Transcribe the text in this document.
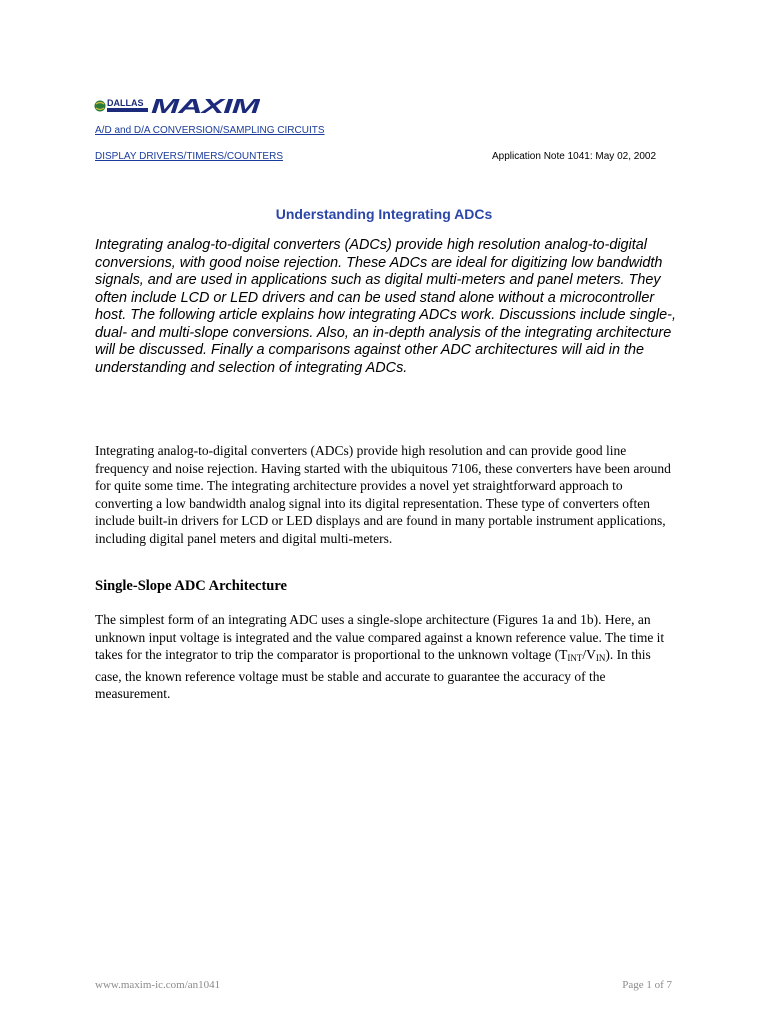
DALLAS MAXIM
A/D and D/A CONVERSION/SAMPLING CIRCUITS
DISPLAY DRIVERS/TIMERS/COUNTERS	Application Note 1041: May 02, 2002
Understanding Integrating ADCs
Integrating analog-to-digital converters (ADCs) provide high resolution analog-to-digital conversions, with good noise rejection. These ADCs are ideal for digitizing low bandwidth signals, and are used in applications such as digital multi-meters and panel meters. They often include LCD or LED drivers and can be used stand alone without a microcontroller host. The following article explains how integrating ADCs work. Discussions include single-, dual- and multi-slope conversions. Also, an in-depth analysis of the integrating architecture will be discussed. Finally a comparisons against other ADC architectures will aid in the understanding and selection of integrating ADCs.
Integrating analog-to-digital converters (ADCs) provide high resolution and can provide good line frequency and noise rejection. Having started with the ubiquitous 7106, these converters have been around for quite some time. The integrating architecture provides a novel yet straightforward approach to converting a low bandwidth analog signal into its digital representation. These type of converters often include built-in drivers for LCD or LED displays and are found in many portable instrument applications, including digital panel meters and digital multi-meters.
Single-Slope ADC Architecture
The simplest form of an integrating ADC uses a single-slope architecture (Figures 1a and 1b). Here, an unknown input voltage is integrated and the value compared against a known reference value. The time it takes for the integrator to trip the comparator is proportional to the unknown voltage $(T_{INT}/V_{IN})$. In this case, the known reference voltage must be stable and accurate to guarantee the accuracy of the measurement.
www.maxim-ic.com/an1041	Page 1 of 7
